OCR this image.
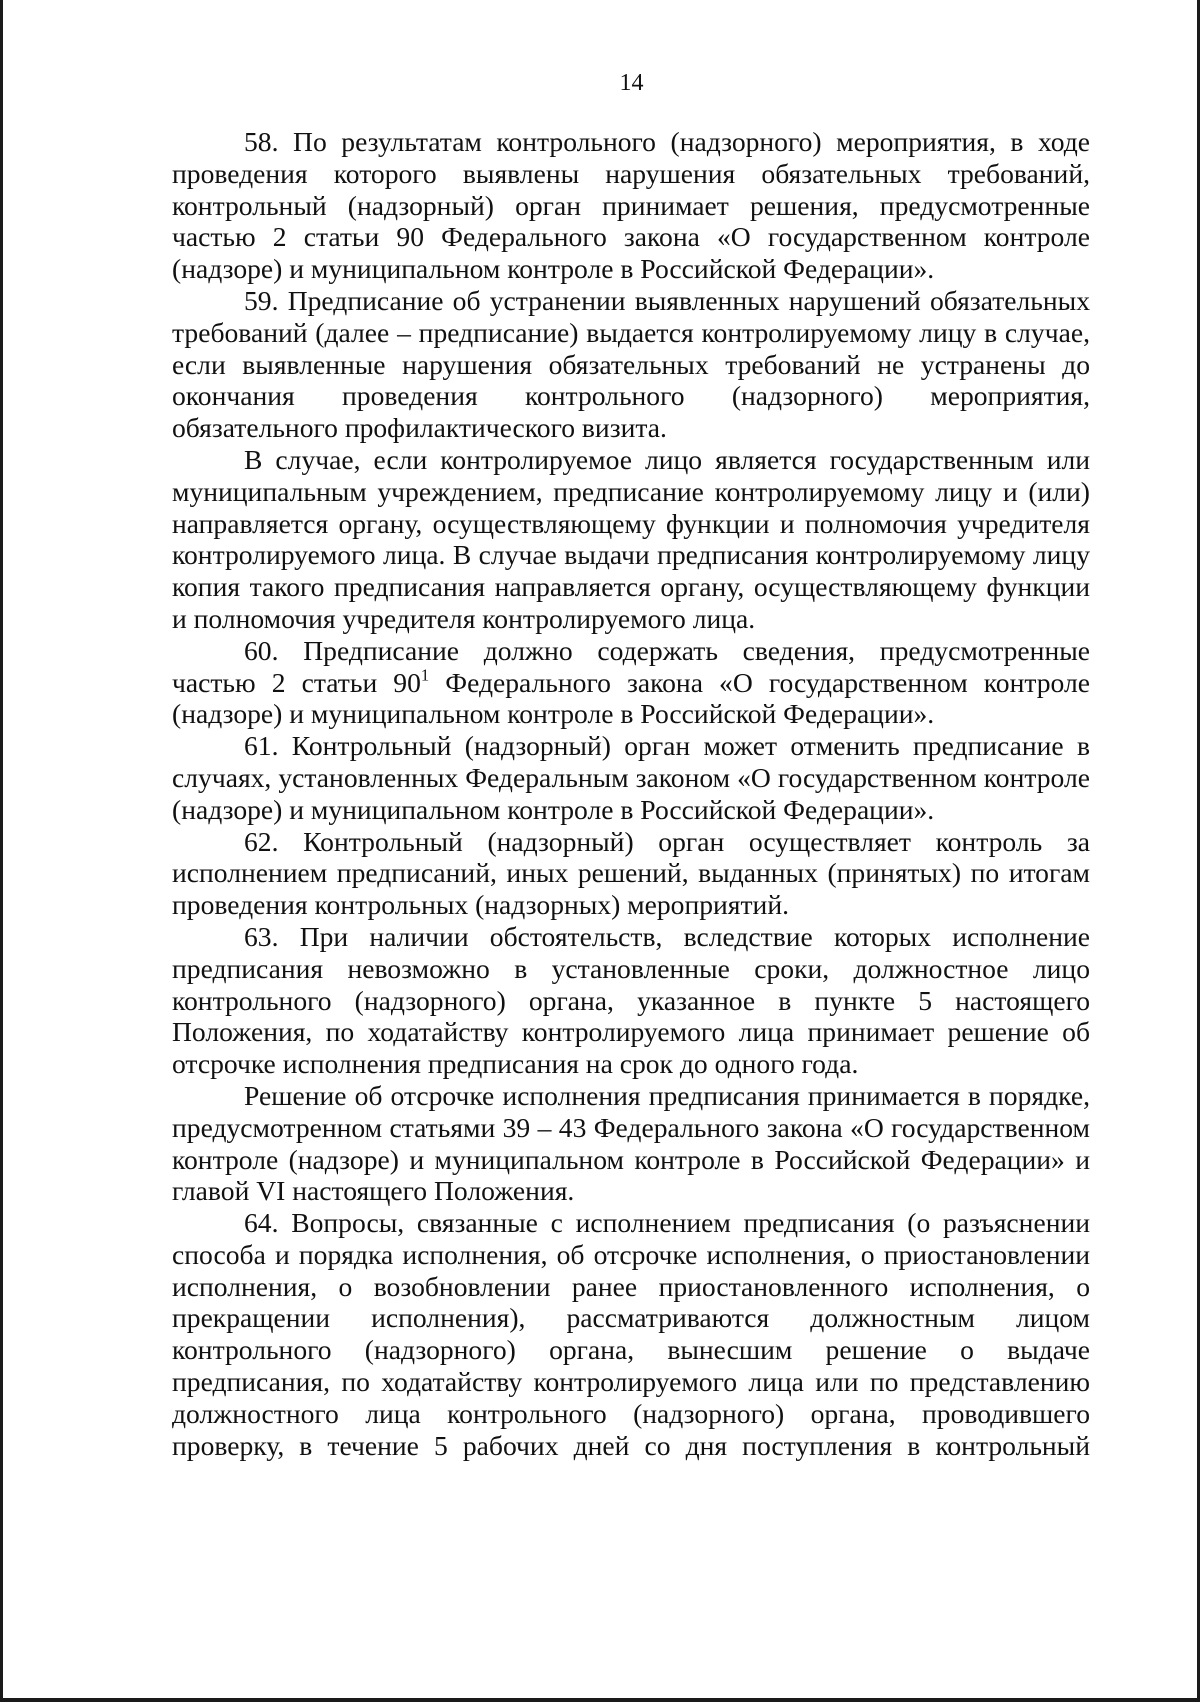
14

58. По результатам контрольного (надзорного) мероприятия, в ходе проведения которого выявлены нарушения обязательных требований, контрольный (надзорный) орган принимает решения, предусмотренные частью 2 статьи 90 Федерального закона «О государственном контроле (надзоре) и муниципальном контроле в Российской Федерации».

59. Предписание об устранении выявленных нарушений обязательных требований (далее – предписание) выдается контролируемому лицу в случае, если выявленные нарушения обязательных требований не устранены до окончания проведения контрольного (надзорного) мероприятия, обязательного профилактического визита.

В случае, если контролируемое лицо является государственным или муниципальным учреждением, предписание контролируемому лицу и (или) направляется органу, осуществляющему функции и полномочия учредителя контролируемого лица. В случае выдачи предписания контролируемому лицу копия такого предписания направляется органу, осуществляющему функции и полномочия учредителя контролируемого лица.

60. Предписание должно содержать сведения, предусмотренные частью 2 статьи $90^1$ Федерального закона «О государственном контроле (надзоре) и муниципальном контроле в Российской Федерации».

61. Контрольный (надзорный) орган может отменить предписание в случаях, установленных Федеральным законом «О государственном контроле (надзоре) и муниципальном контроле в Российской Федерации».

62. Контрольный (надзорный) орган осуществляет контроль за исполнением предписаний, иных решений, выданных (принятых) по итогам проведения контрольных (надзорных) мероприятий.

63. При наличии обстоятельств, вследствие которых исполнение предписания невозможно в установленные сроки, должностное лицо контрольного (надзорного) органа, указанное в пункте 5 настоящего Положения, по ходатайству контролируемого лица принимает решение об отсрочке исполнения предписания на срок до одного года.

Решение об отсрочке исполнения предписания принимается в порядке, предусмотренном статьями 39 – 43 Федерального закона «О государственном контроле (надзоре) и муниципальном контроле в Российской Федерации» и главой VI настоящего Положения.

64. Вопросы, связанные с исполнением предписания (о разъяснении способа и порядка исполнения, об отсрочке исполнения, о приостановлении исполнения, о возобновлении ранее приостановленного исполнения, о прекращении исполнения), рассматриваются должностным лицом контрольного (надзорного) органа, вынесшим решение о выдаче предписания, по ходатайству контролируемого лица или по представлению должностного лица контрольного (надзорного) органа, проводившего проверку, в течение 5 рабочих дней со дня поступления в контрольный
